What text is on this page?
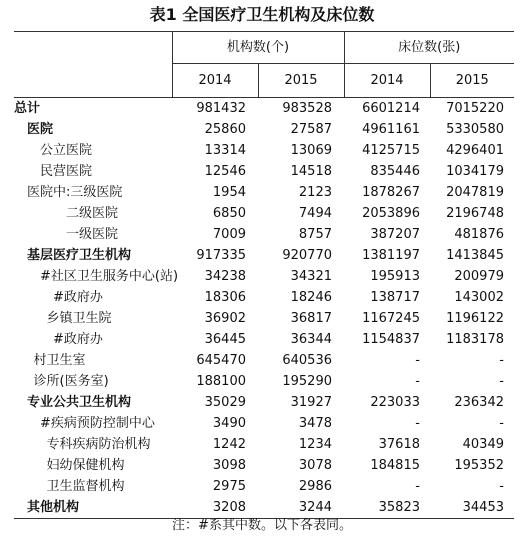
表1 全国医疗卫生机构及床位数
	机构数(个)		床位数(张)	
	2014	2015	2014	2015
总计	981432	983528	6601214	7015220
医院	25860	27587	4961161	5330580
公立医院	13314	13069	4125715	4296401
民营医院	12546	14518	835446	1034179
医院中:三级医院	1954	2123	1878267	2047819
二级医院	6850	7494	2053896	2196748
一级医院	7009	8757	387207	481876
基层医疗卫生机构	917335	920770	1381197	1413845
#社区卫生服务中心(站)	34238	34321	195913	200979
#政府办	18306	18246	138717	143002
乡镇卫生院	36902	36817	1167245	1196122
#政府办	36445	36344	1154837	1183178
村卫生室	645470	640536	-	-
诊所(医务室)	188100	195290	-	-
专业公共卫生机构	35029	31927	223033	236342
#疾病预防控制中心	3490	3478	-	-
专科疾病防治机构	1242	1234	37618	40349
妇幼保健机构	3098	3078	184815	195352
卫生监督机构	2975	2986	-	-
其他机构	3208	3244	35823	34453
注：#系其中数。以下各表同。
